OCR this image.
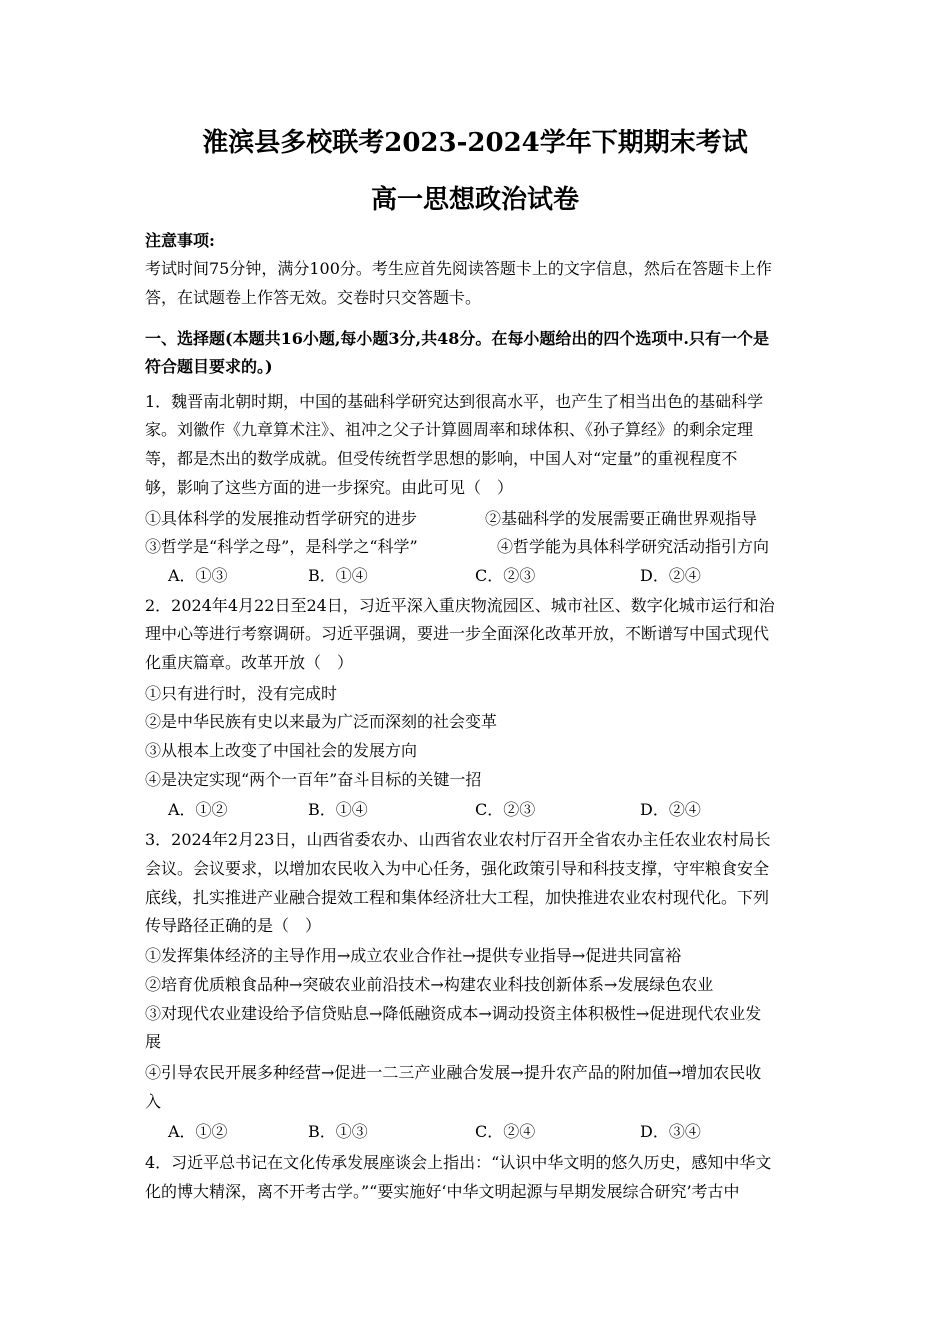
淮滨县多校联考2023-2024学年下期期末考试
高一思想政治试卷
注意事项:
考试时间75分钟，满分100分。考生应首先阅读答题卡上的文字信息，然后在答题卡上作
答，在试题卷上作答无效。交卷时只交答题卡。
一、选择题(本题共16小题,每小题3分,共48分。在每小题给出的四个选项中.只有一个是
符合题目要求的。)
1．魏晋南北朝时期，中国的基础科学研究达到很高水平，也产生了相当出色的基础科学
家。刘徽作《九章算术注》、祖冲之父子计算圆周率和球体积、《孙子算经》的剩余定理
等，都是杰出的数学成就。但受传统哲学思想的影响，中国人对“定量”的重视程度不
够，影响了这些方面的进一步探究。由此可见（　）
①具体科学的发展推动哲学研究的进步	②基础科学的发展需要正确世界观指导
③哲学是“科学之母”，是科学之“科学”	④哲学能为具体科学研究活动指引方向
A．①③	B．①④	C．②③	D．②④
2．2024年4月22日至24日，习近平深入重庆物流园区、城市社区、数字化城市运行和治
理中心等进行考察调研。习近平强调，要进一步全面深化改革开放，不断谱写中国式现代
化重庆篇章。改革开放（　）
①只有进行时，没有完成时
②是中华民族有史以来最为广泛而深刻的社会变革
③从根本上改变了中国社会的发展方向
④是决定实现“两个一百年”奋斗目标的关键一招
A．①②	B．①④	C．②③	D．②④
3．2024年2月23日，山西省委农办、山西省农业农村厅召开全省农办主任农业农村局长
会议。会议要求，以增加农民收入为中心任务，强化政策引导和科技支撑，守牢粮食安全
底线，扎实推进产业融合提效工程和集体经济壮大工程，加快推进农业农村现代化。下列
传导路径正确的是（　）
①发挥集体经济的主导作用→成立农业合作社→提供专业指导→促进共同富裕
②培育优质粮食品种→突破农业前沿技术→构建农业科技创新体系→发展绿色农业
③对现代农业建设给予信贷贴息→降低融资成本→调动投资主体积极性→促进现代农业发
展
④引导农民开展多种经营→促进一二三产业融合发展→提升农产品的附加值→增加农民收
入
A．①②	B．①③	C．②④	D．③④
4．习近平总书记在文化传承发展座谈会上指出：“认识中华文明的悠久历史，感知中华文
化的博大精深，离不开考古学。”“要实施好‘中华文明起源与早期发展综合研究’考古中
